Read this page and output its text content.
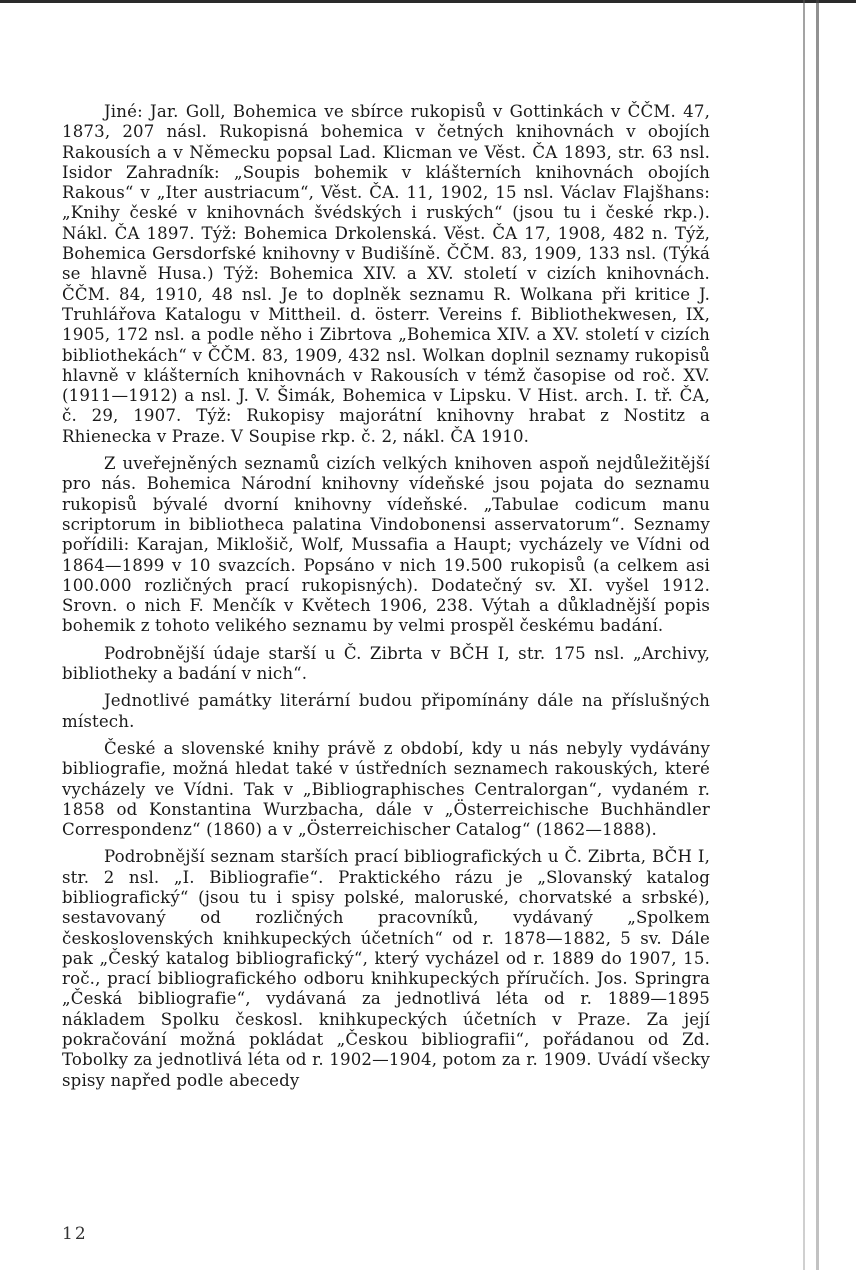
Jiné: Jar. Goll, Bohemica ve sbírce rukopisů v Gottinkách v ČČM. 47, 1873, 207 násl. Rukopisná bohemica v četných knihovnách v obojích Rakousích a v Německu popsal Lad. Klicman ve Věst. ČA 1893, str. 63 nsl. Isidor Zahradník: „Soupis bohemik v klášterních knihovnách obojích Rakous“ v „Iter austriacum“, Věst. ČA. 11, 1902, 15 nsl. Václav Flajšhans: „Knihy české v knihovnách švédských i ruských“ (jsou tu i české rkp.). Nákl. ČA 1897. Týž: Bohemica Drkolenská. Věst. ČA 17, 1908, 482 n. Týž, Bohemica Gersdorfské knihovny v Budišíně. ČČM. 83, 1909, 133 nsl. (Týká se hlavně Husa.) Týž: Bohemica XIV. a XV. století v cizích knihovnách. ČČM. 84, 1910, 48 nsl. Je to doplněk seznamu R. Wolkana při kritice J. Truhlářova Katalogu v Mittheil. d. österr. Vereins f. Bibliothekwesen, IX, 1905, 172 nsl. a podle něho i Zibrtova „Bohemica XIV. a XV. století v cizích bibliothekách“ v ČČM. 83, 1909, 432 nsl. Wolkan doplnil seznamy rukopisů hlavně v klášterních knihovnách v Rakousích v témž časopise od roč. XV. (1911—1912) a nsl. J. V. Šimák, Bohemica v Lipsku. V Hist. arch. I. tř. ČA, č. 29, 1907. Týž: Rukopisy majorátní knihovny hrabat z Nostitz a Rhienecka v Praze. V Soupise rkp. č. 2, nákl. ČA 1910.

Z uveřejněných seznamů cizích velkých knihoven aspoň nejdůležitější pro nás. Bohemica Národní knihovny vídeňské jsou pojata do seznamu rukopisů bývalé dvorní knihovny vídeňské. „Tabulae codicum manu scriptorum in bibliotheca palatina Vindobonensi asservatorum“. Seznamy pořídili: Karajan, Miklošič, Wolf, Mussafia a Haupt; vycházely ve Vídni od 1864—1899 v 10 svazcích. Popsáno v nich 19.500 rukopisů (a celkem asi 100.000 rozličných prací rukopisných). Dodatečný sv. XI. vyšel 1912. Srovn. o nich F. Menčík v Květech 1906, 238. Výtah a důkladnější popis bohemik z tohoto velikého seznamu by velmi prospěl českému badání.

Podrobnější údaje starší u Č. Zibrta v BČH I, str. 175 nsl. „Archivy, bibliotheky a badání v nich“.

Jednotlivé památky literární budou připomínány dále na příslušných místech.

České a slovenské knihy právě z období, kdy u nás nebyly vydávány bibliografie, možná hledat také v ústředních seznamech rakouských, které vycházely ve Vídni. Tak v „Bibliographisches Centralorgan“, vydaném r. 1858 od Konstantina Wurzbacha, dále v „Österreichische Buchhändler Correspondenz“ (1860) a v „Österreichischer Catalog“ (1862—1888).

Podrobnější seznam starších prací bibliografických u Č. Zibrta, BČH I, str. 2 nsl. „I. Bibliografie“. Praktického rázu je „Slovanský katalog bibliografický“ (jsou tu i spisy polské, maloruské, chorvatské a srbské), sestavovaný od rozličných pracovníků, vydávaný „Spolkem československých knihkupeckých účetních“ od r. 1878—1882, 5 sv. Dále pak „Český katalog bibliografický“, který vycházel od r. 1889 do 1907, 15. roč., prací bibliografického odboru knihkupeckých příručích. Jos. Springra „Česká bibliografie“, vydávaná za jednotlivá léta od r. 1889—1895 nákladem Spolku českosl. knihkupeckých účetních v Praze. Za její pokračování možná pokládat „Českou bibliografii“, pořádanou od Zd. Tobolky za jednotlivá léta od r. 1902—1904, potom za r. 1909. Uvádí všecky spisy napřed podle abecedy

12
